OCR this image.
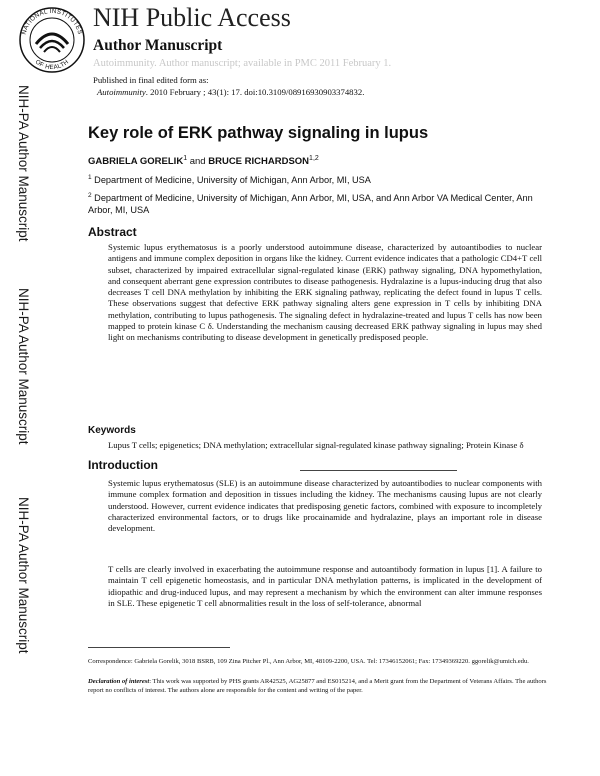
NATIONAL INSTITUTES
OF HEALTH
NIH Public Access
Author Manuscript
Autoimmunity. Author manuscript; available in PMC 2011 February 1.
Published in final edited form as:
Autoimmunity. 2010 February ; 43(1): 17. doi:10.3109/08916930903374832.
NIH-PA Author Manuscript
NIH-PA Author Manuscript
NIH-PA Author Manuscript
Key role of ERK pathway signaling in lupus
GABRIELA GORELIK$^1$ and BRUCE RICHARDSON$^{1,2}$
$^1$ Department of Medicine, University of Michigan, Ann Arbor, MI, USA
$^2$ Department of Medicine, University of Michigan, Ann Arbor, MI, USA, and Ann Arbor VA Medical Center, Ann Arbor, MI, USA
Abstract
Systemic lupus erythematosus is a poorly understood autoimmune disease, characterized by autoantibodies to nuclear antigens and immune complex deposition in organs like the kidney. Current evidence indicates that a pathologic CD4+T cell subset, characterized by impaired extracellular signal-regulated kinase (ERK) pathway signaling, DNA hypomethylation, and consequent aberrant gene expression contributes to disease pathogenesis. Hydralazine is a lupus-inducing drug that also decreases T cell DNA methylation by inhibiting the ERK signaling pathway, replicating the defect found in lupus T cells. These observations suggest that defective ERK pathway signaling alters gene expression in T cells by inhibiting DNA methylation, contributing to lupus pathogenesis. The signaling defect in hydralazine-treated and lupus T cells has now been mapped to protein kinase C δ. Understanding the mechanism causing decreased ERK pathway signaling in lupus may shed light on mechanisms contributing to disease development in genetically predisposed people.
Keywords
Lupus T cells; epigenetics; DNA methylation; extracellular signal-regulated kinase pathway signaling; Protein Kinase δ
Introduction
Systemic lupus erythematosus (SLE) is an autoimmune disease characterized by autoantibodies to nuclear components with immune complex formation and deposition in tissues including the kidney. The mechanisms causing lupus are not clearly understood. However, current evidence indicates that predisposing genetic factors, combined with exposure to incompletely characterized environmental factors, or to drugs like procainamide and hydralazine, plays an important role in disease development.
T cells are clearly involved in exacerbating the autoimmune response and autoantibody formation in lupus [1]. A failure to maintain T cell epigenetic homeostasis, and in particular DNA methylation patterns, is implicated in the development of idiopathic and drug-induced lupus, and may represent a mechanism by which the environment can alter immune responses in SLE. These epigenetic T cell abnormalities result in the loss of self-tolerance, abnormal
Correspondence: Gabriela Gorelik, 3018 BSRB, 109 Zina Pitcher Pl., Ann Arbor, MI, 48109-2200, USA. Tel: 17346152061; Fax: 17349369220. ggorelik@umich.edu.
Declaration of interest: This work was supported by PHS grants AR42525, AG25877 and ES015214, and a Merit grant from the Department of Veterans Affairs. The authors report no conflicts of interest. The authors alone are responsible for the content and writing of the paper.
